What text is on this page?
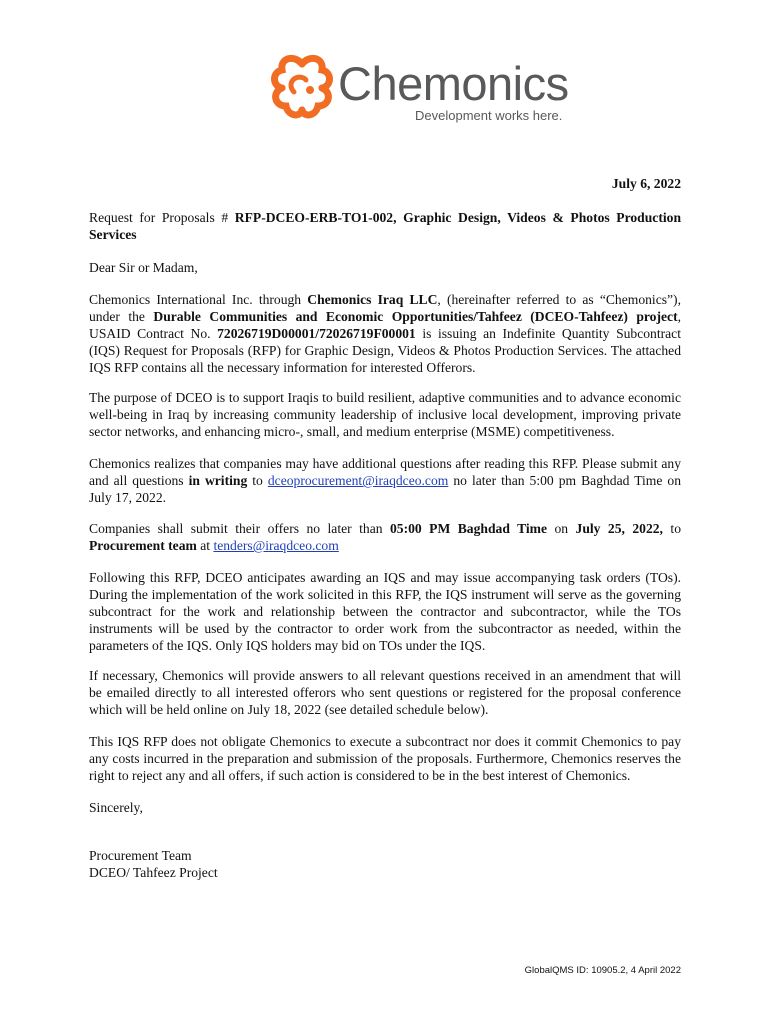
Chemonics
Development works here.
July 6, 2022
Request for Proposals # RFP-DCEO-ERB-TO1-002, Graphic Design, Videos & Photos Production Services
Dear Sir or Madam,
Chemonics International Inc. through Chemonics Iraq LLC, (hereinafter referred to as “Chemonics”), under the Durable Communities and Economic Opportunities/Tahfeez (DCEO-Tahfeez) project, USAID Contract No. 72026719D00001/72026719F00001 is issuing an Indefinite Quantity Subcontract (IQS) Request for Proposals (RFP) for Graphic Design, Videos & Photos Production Services. The attached IQS RFP contains all the necessary information for interested Offerors.
The purpose of DCEO is to support Iraqis to build resilient, adaptive communities and to advance economic well-being in Iraq by increasing community leadership of inclusive local development, improving private sector networks, and enhancing micro-, small, and medium enterprise (MSME) competitiveness.
Chemonics realizes that companies may have additional questions after reading this RFP. Please submit any and all questions in writing to dceoprocurement@iraqdceo.com no later than 5:00 pm Baghdad Time on July 17, 2022.
Companies shall submit their offers no later than 05:00 PM Baghdad Time on July 25, 2022, to Procurement team at tenders@iraqdceo.com
Following this RFP, DCEO anticipates awarding an IQS and may issue accompanying task orders (TOs). During the implementation of the work solicited in this RFP, the IQS instrument will serve as the governing subcontract for the work and relationship between the contractor and subcontractor, while the TOs instruments will be used by the contractor to order work from the subcontractor as needed, within the parameters of the IQS. Only IQS holders may bid on TOs under the IQS.
If necessary, Chemonics will provide answers to all relevant questions received in an amendment that will be emailed directly to all interested offerors who sent questions or registered for the proposal conference which will be held online on July 18, 2022 (see detailed schedule below).
This IQS RFP does not obligate Chemonics to execute a subcontract nor does it commit Chemonics to pay any costs incurred in the preparation and submission of the proposals. Furthermore, Chemonics reserves the right to reject any and all offers, if such action is considered to be in the best interest of Chemonics.
Sincerely,
Procurement Team
DCEO/ Tahfeez Project
GlobalQMS ID: 10905.2, 4 April 2022
